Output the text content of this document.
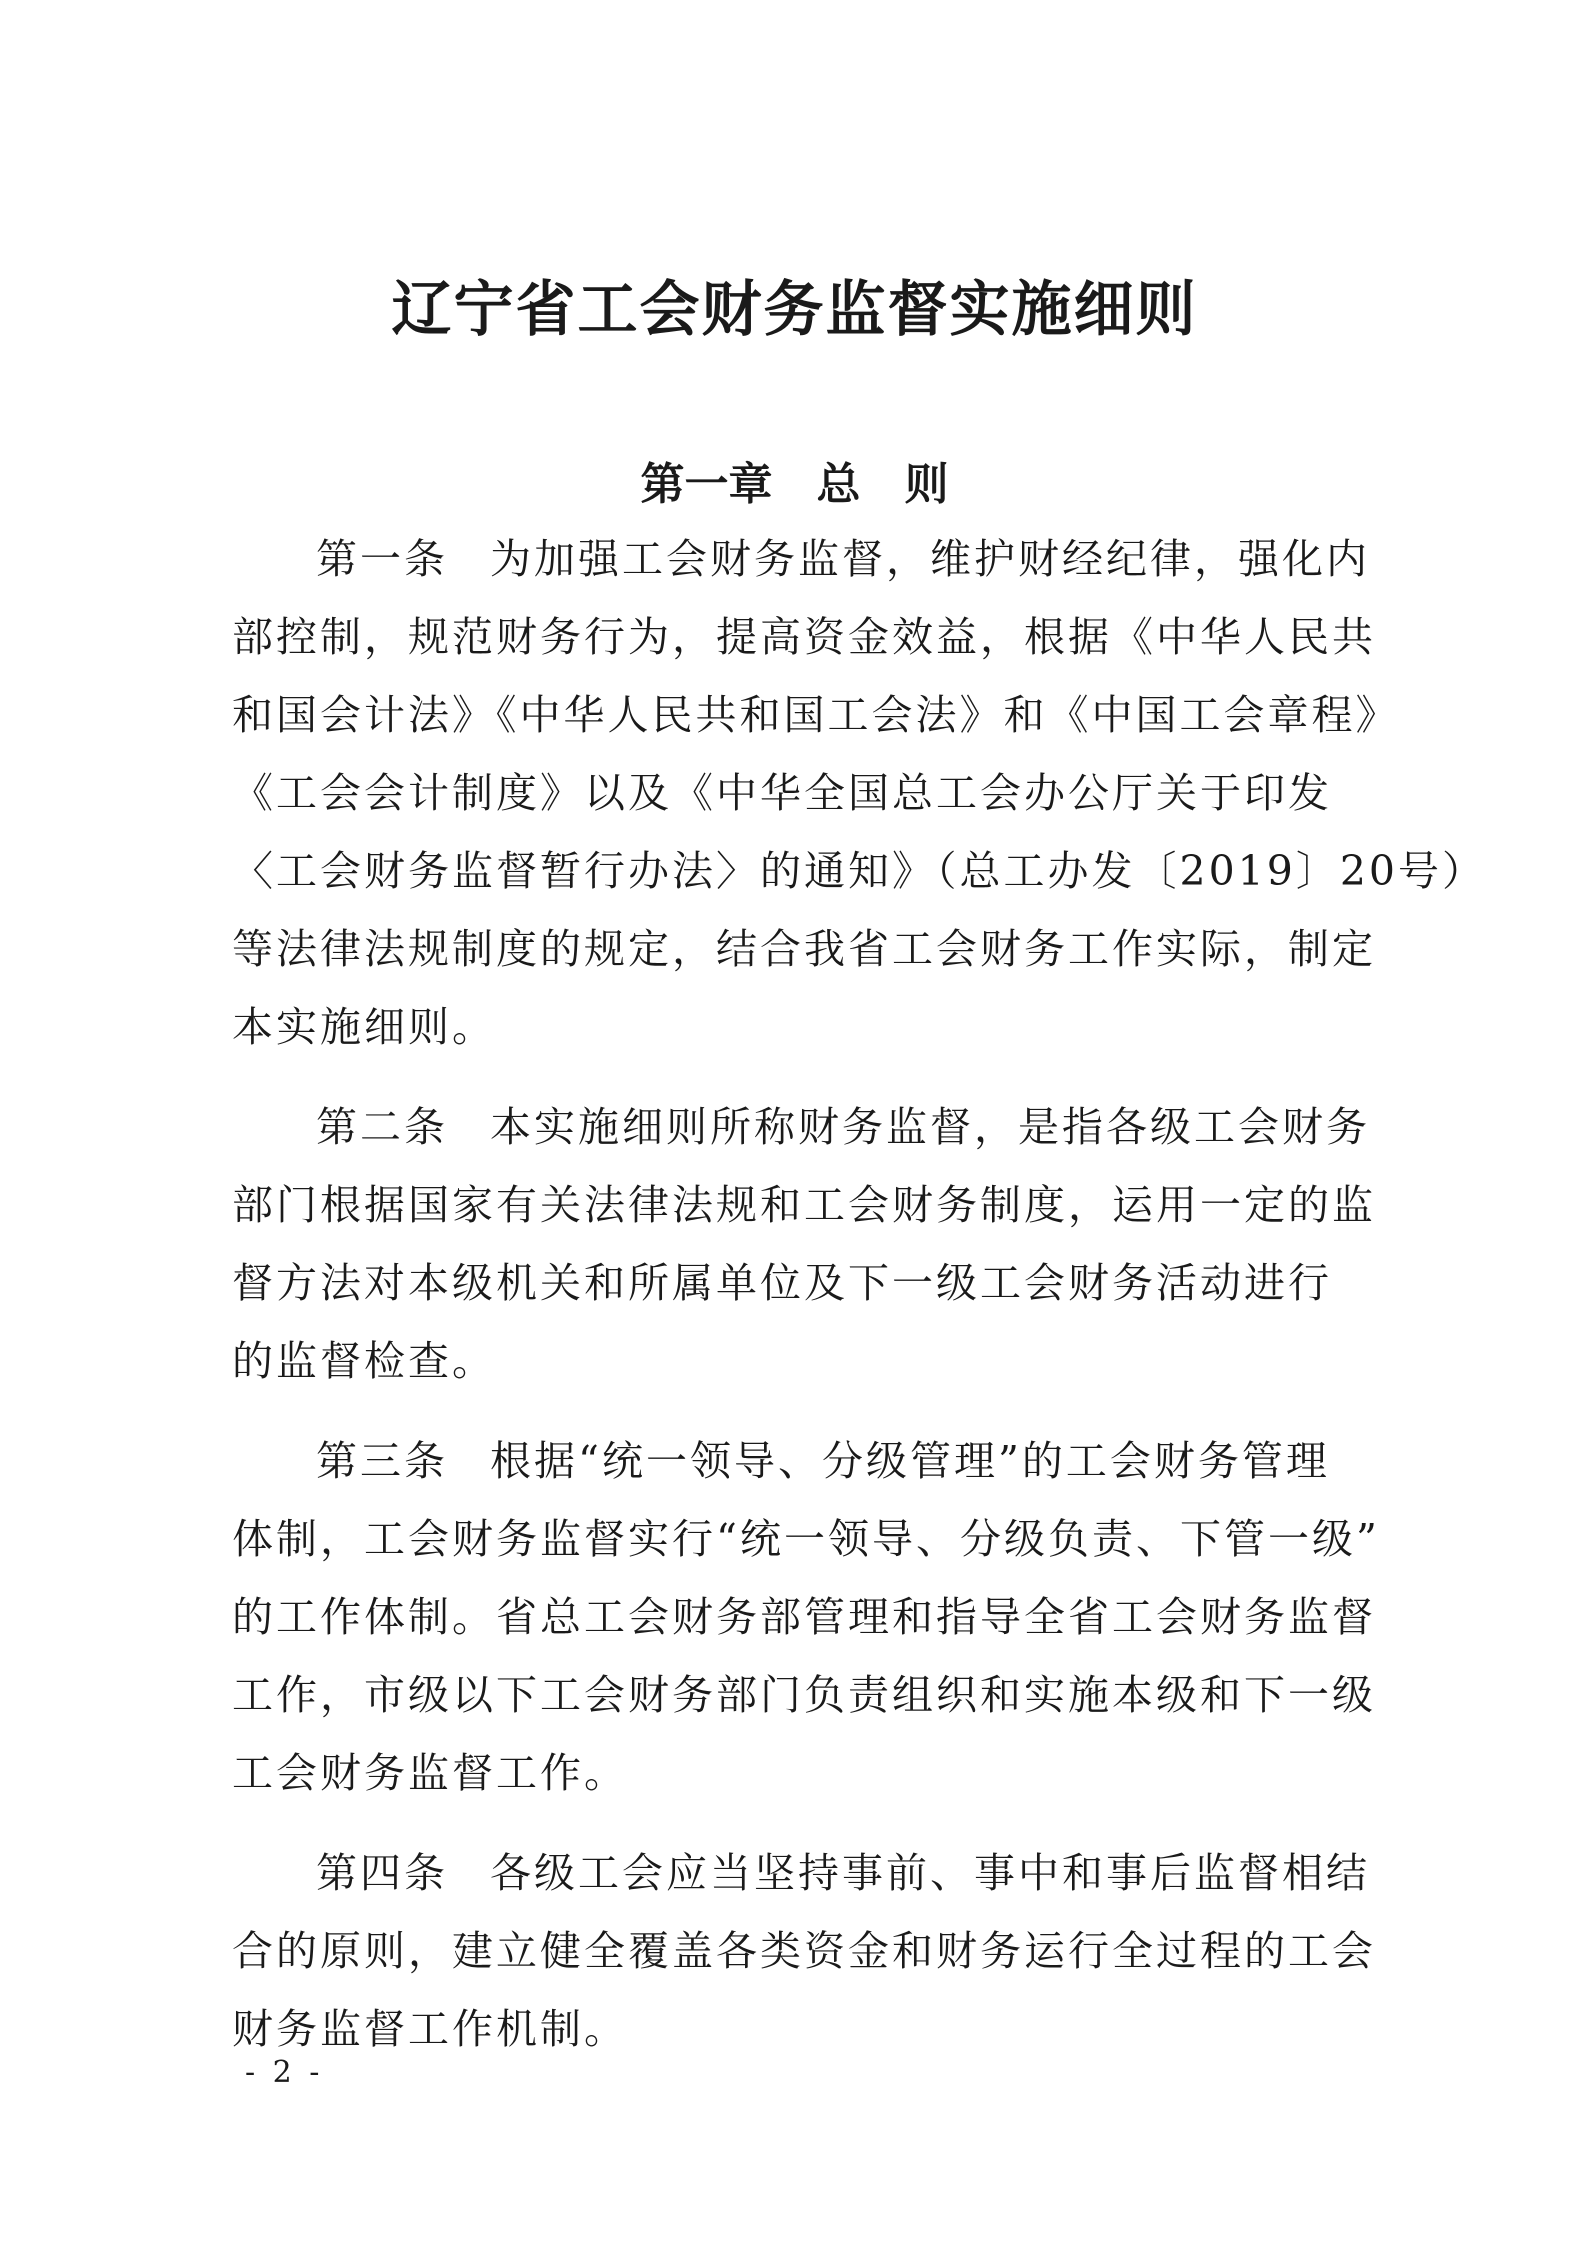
辽宁省工会财务监督实施细则
第一章　总　则

第一条 为加强工会财务监督，维护财经纪律，强化内
部控制，规范财务行为，提高资金效益，根据《中华人民共
和国会计法》《中华人民共和国工会法》和《中国工会章程》
《工会会计制度》以及《中华全国总工会办公厅关于印发
〈工会财务监督暂行办法〉的通知》（总工办发〔2019〕20号）
等法律法规制度的规定，结合我省工会财务工作实际，制定
本实施细则。

第二条 本实施细则所称财务监督，是指各级工会财务
部门根据国家有关法律法规和工会财务制度，运用一定的监
督方法对本级机关和所属单位及下一级工会财务活动进行
的监督检查。

第三条 根据“统一领导、分级管理”的工会财务管理
体制，工会财务监督实行“统一领导、分级负责、下管一级”
的工作体制。省总工会财务部管理和指导全省工会财务监督
工作，市级以下工会财务部门负责组织和实施本级和下一级
工会财务监督工作。

第四条 各级工会应当坚持事前、事中和事后监督相结
合的原则，建立健全覆盖各类资金和财务运行全过程的工会
财务监督工作机制。

- 2 -
